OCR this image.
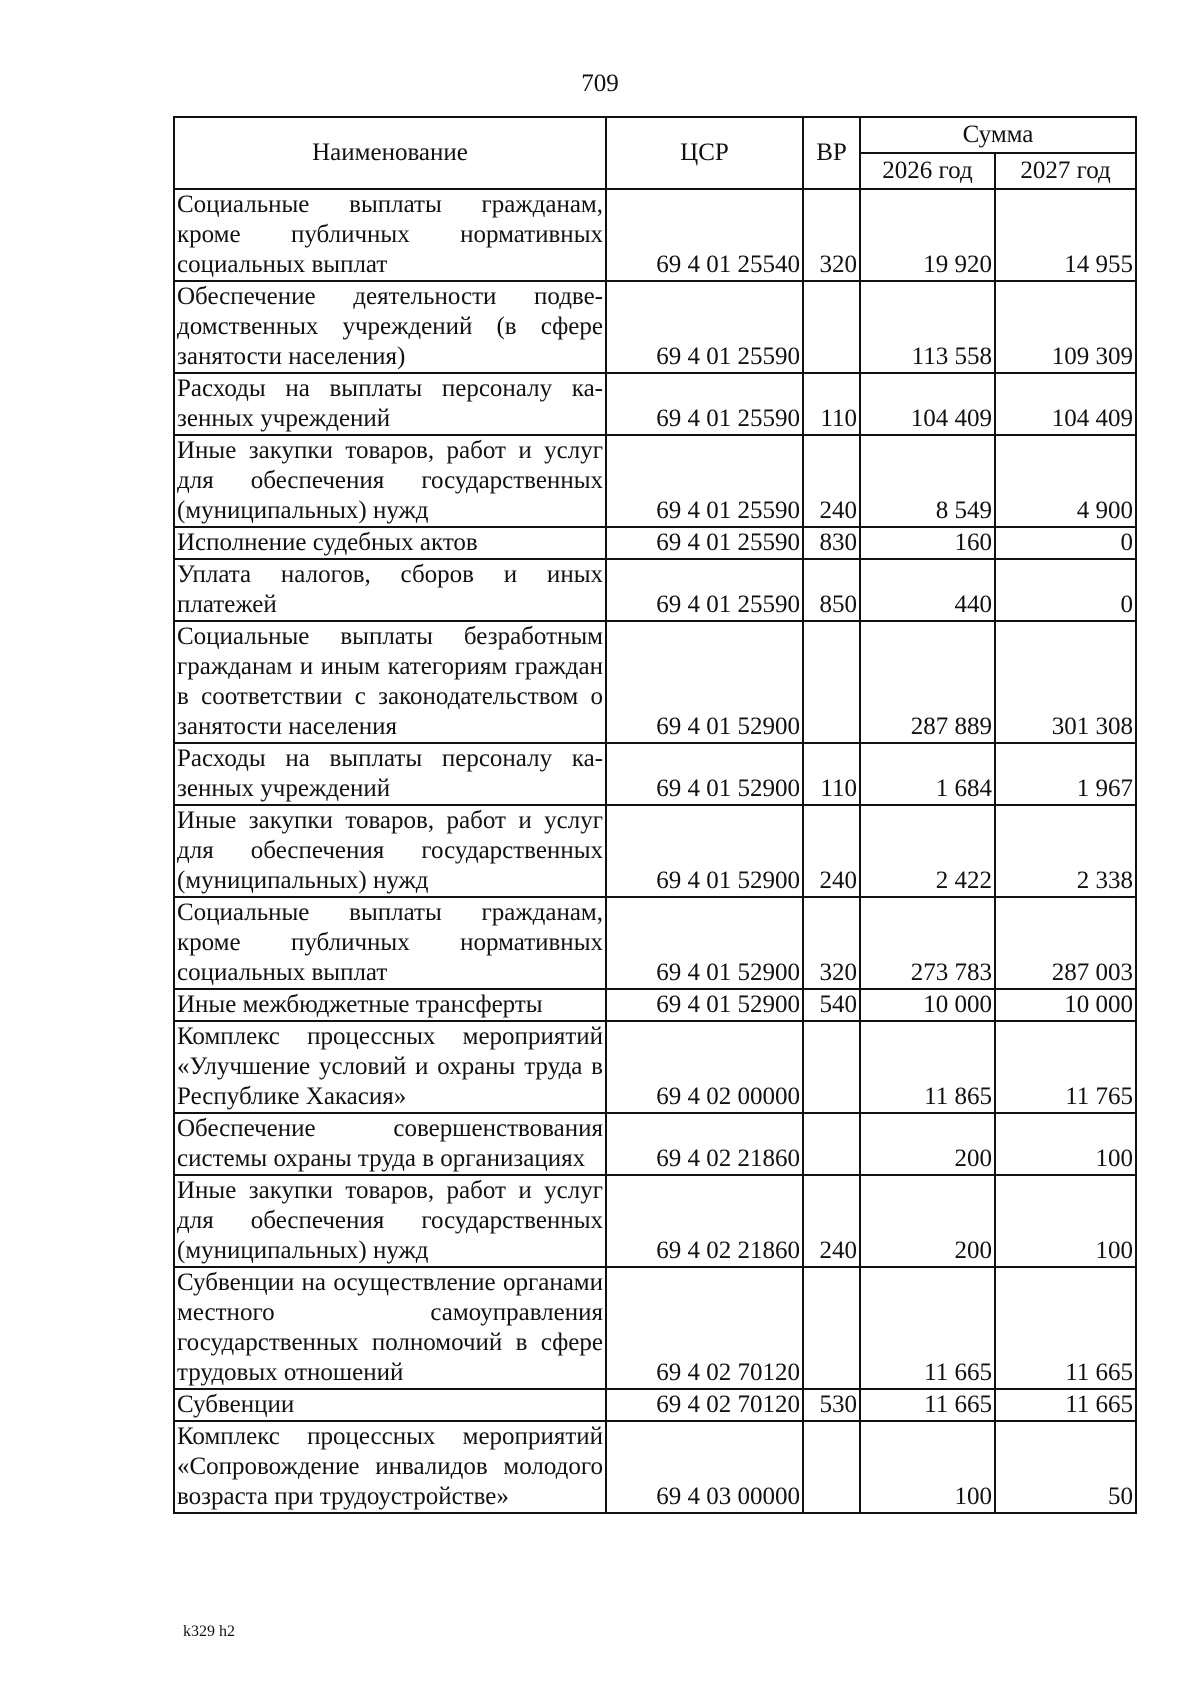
709
Наименование	ЦСР	ВР	Сумма	
			2026 год	2027 год
Социальные выплаты гражданам, кроме публичных нормативных социальных выплат	69 4 01 25540	320	19 920	14 955
Обеспечение деятельности подведомственных учреждений (в сфере занятости населения)	69 4 01 25590		113 558	109 309
Расходы на выплаты персоналу казенных учреждений	69 4 01 25590	110	104 409	104 409
Иные закупки товаров, работ и услуг для обеспечения государственных (муниципальных) нужд	69 4 01 25590	240	8 549	4 900
Исполнение судебных актов	69 4 01 25590	830	160	0
Уплата налогов, сборов и иных платежей	69 4 01 25590	850	440	0
Социальные выплаты безработным гражданам и иным категориям граждан в соответствии с законодательством о занятости населения	69 4 01 52900		287 889	301 308
Расходы на выплаты персоналу казенных учреждений	69 4 01 52900	110	1 684	1 967
Иные закупки товаров, работ и услуг для обеспечения государственных (муниципальных) нужд	69 4 01 52900	240	2 422	2 338
Социальные выплаты гражданам, кроме публичных нормативных социальных выплат	69 4 01 52900	320	273 783	287 003
Иные межбюджетные трансферты	69 4 01 52900	540	10 000	10 000
Комплекс процессных мероприятий «Улучшение условий и охраны труда в Республике Хакасия»	69 4 02 00000		11 865	11 765
Обеспечение совершенствования системы охраны труда в организациях	69 4 02 21860		200	100
Иные закупки товаров, работ и услуг для обеспечения государственных (муниципальных) нужд	69 4 02 21860	240	200	100
Субвенции на осуществление органами местного самоуправления государственных полномочий в сфере трудовых отношений	69 4 02 70120		11 665	11 665
Субвенции	69 4 02 70120	530	11 665	11 665
Комплекс процессных мероприятий «Сопровождение инвалидов молодого возраста при трудоустройстве»	69 4 03 00000		100	50
k329 h2
